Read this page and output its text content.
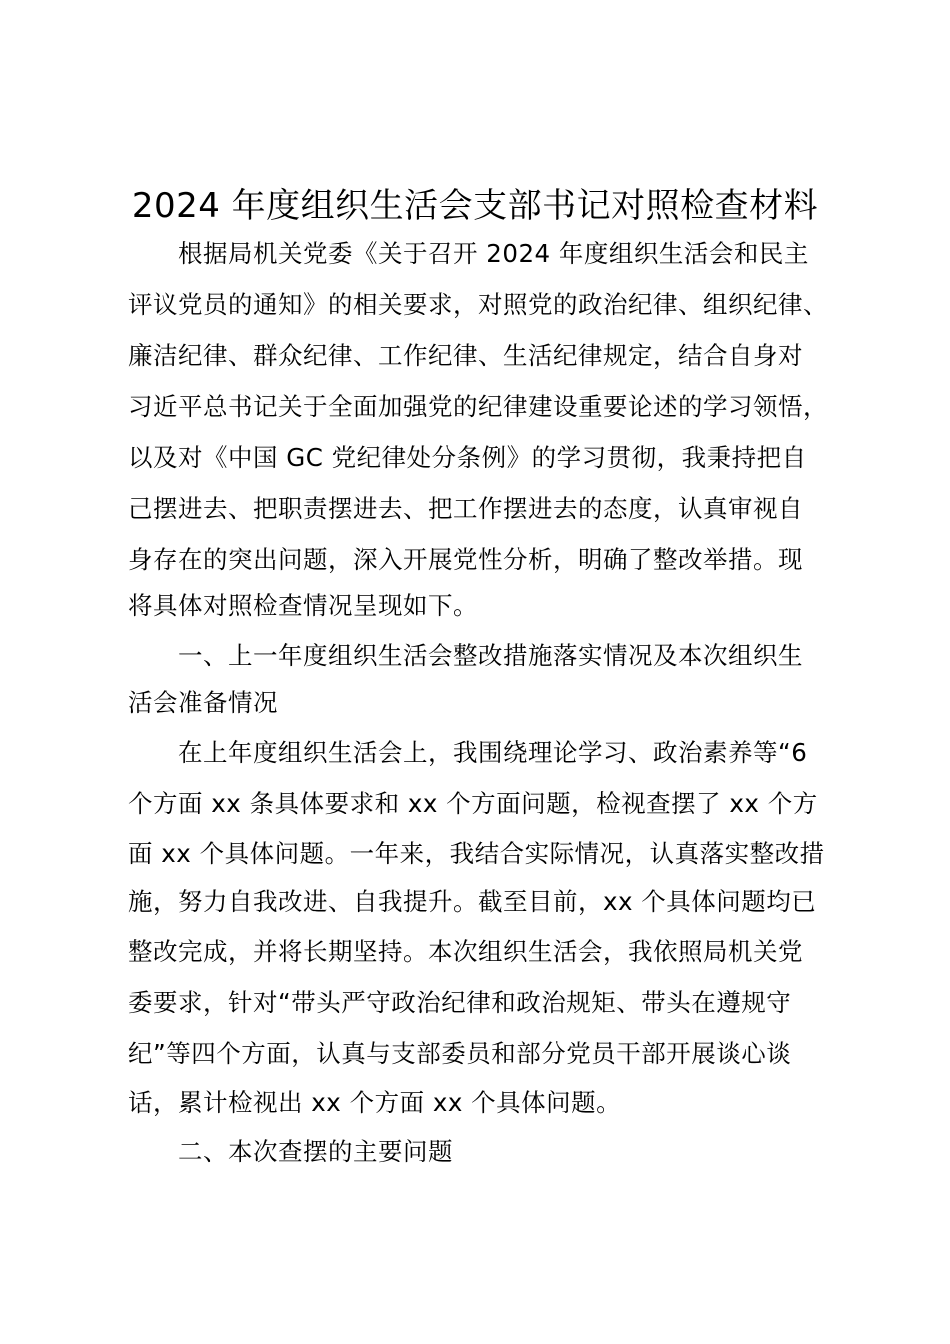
2024 年度组织生活会支部书记对照检查材料
根据局机关党委《关于召开 2024 年度组织生活会和民主
评议党员的通知》的相关要求，对照党的政治纪律、组织纪律、
廉洁纪律、群众纪律、工作纪律、生活纪律规定，结合自身对
习近平总书记关于全面加强党的纪律建设重要论述的学习领悟，
以及对《中国 GC 党纪律处分条例》的学习贯彻，我秉持把自
己摆进去、把职责摆进去、把工作摆进去的态度，认真审视自
身存在的突出问题，深入开展党性分析，明确了整改举措。现
将具体对照检查情况呈现如下。
一、上一年度组织生活会整改措施落实情况及本次组织生
活会准备情况
在上年度组织生活会上，我围绕理论学习、政治素养等“6
个方面 xx 条具体要求和 xx 个方面问题，检视查摆了 xx 个方
面 xx 个具体问题。一年来，我结合实际情况，认真落实整改措
施，努力自我改进、自我提升。截至目前，xx 个具体问题均已
整改完成，并将长期坚持。本次组织生活会，我依照局机关党
委要求，针对“带头严守政治纪律和政治规矩、带头在遵规守
纪”等四个方面，认真与支部委员和部分党员干部开展谈心谈
话，累计检视出 xx 个方面 xx 个具体问题。
二、本次查摆的主要问题
